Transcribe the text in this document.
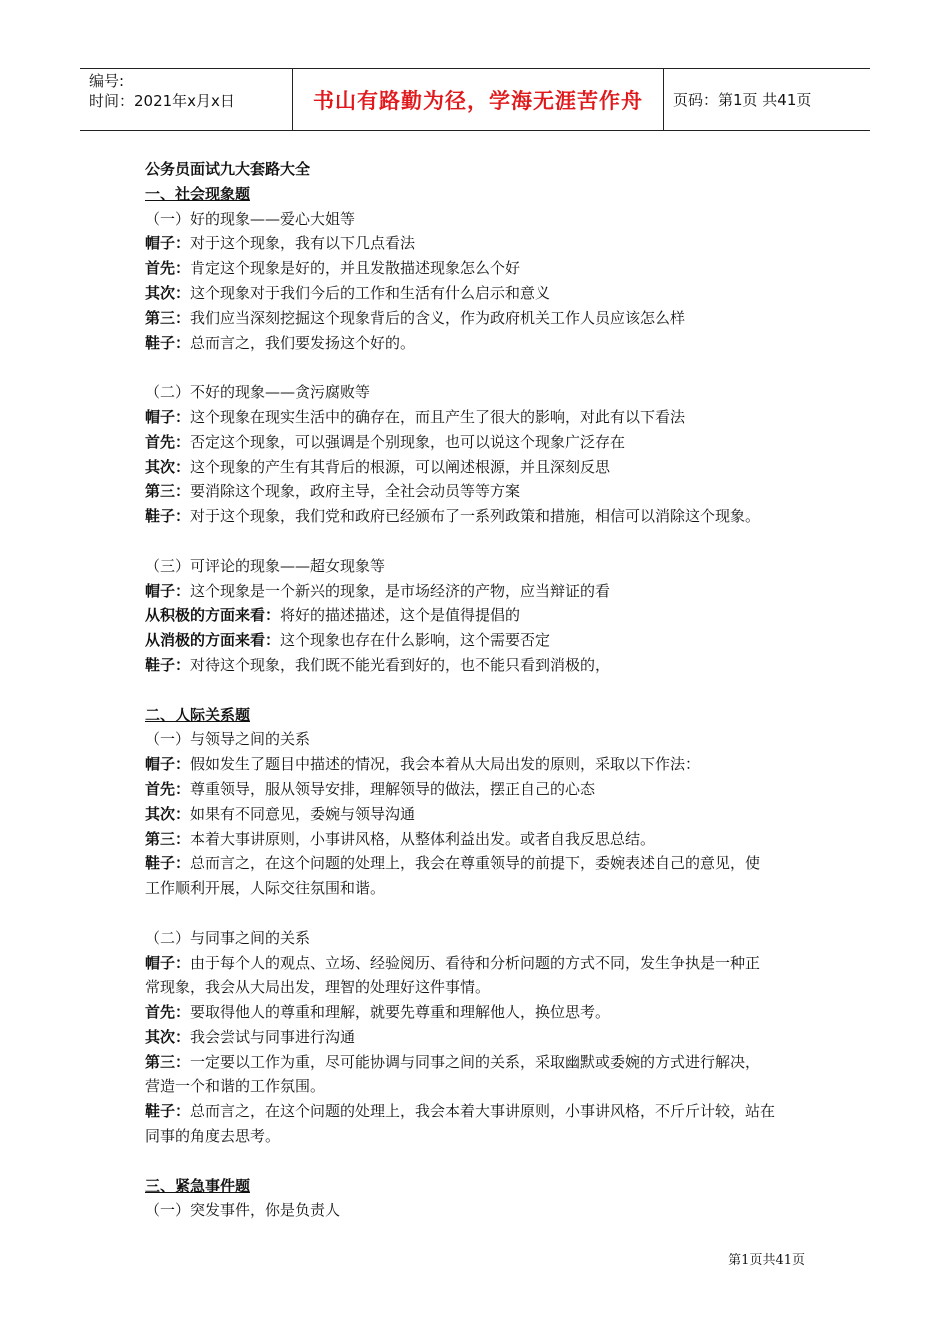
编号:
时间：2021年x月x日	书山有路勤为径，学海无涯苦作舟 页码：第1页 共41页

公务员面试九大套路大全

一、社会现象题

（一）好的现象——爱心大姐等

帽子：对于这个现象，我有以下几点看法

首先：肯定这个现象是好的，并且发散描述现象怎么个好

其次：这个现象对于我们今后的工作和生活有什么启示和意义

第三：我们应当深刻挖掘这个现象背后的含义，作为政府机关工作人员应该怎么样

鞋子：总而言之，我们要发扬这个好的。

（二）不好的现象——贪污腐败等

帽子：这个现象在现实生活中的确存在，而且产生了很大的影响，对此有以下看法

首先：否定这个现象，可以强调是个别现象，也可以说这个现象广泛存在

其次：这个现象的产生有其背后的根源，可以阐述根源，并且深刻反思

第三：要消除这个现象，政府主导，全社会动员等等方案

鞋子：对于这个现象，我们党和政府已经颁布了一系列政策和措施，相信可以消除这个现象。

（三）可评论的现象——超女现象等

帽子：这个现象是一个新兴的现象，是市场经济的产物，应当辩证的看

从积极的方面来看：将好的描述描述，这个是值得提倡的

从消极的方面来看：这个现象也存在什么影响，这个需要否定

鞋子：对待这个现象，我们既不能光看到好的，也不能只看到消极的，

二、人际关系题

（一）与领导之间的关系

帽子：假如发生了题目中描述的情况，我会本着从大局出发的原则，采取以下作法：

首先：尊重领导，服从领导安排，理解领导的做法，摆正自己的心态

其次：如果有不同意见，委婉与领导沟通

第三：本着大事讲原则，小事讲风格，从整体利益出发。或者自我反思总结。

鞋子：总而言之，在这个问题的处理上，我会在尊重领导的前提下，委婉表述自己的意见，使

工作顺利开展，人际交往氛围和谐。

（二）与同事之间的关系

帽子：由于每个人的观点、立场、经验阅历、看待和分析问题的方式不同，发生争执是一种正

常现象，我会从大局出发，理智的处理好这件事情。

首先：要取得他人的尊重和理解，就要先尊重和理解他人，换位思考。

其次：我会尝试与同事进行沟通

第三：一定要以工作为重，尽可能协调与同事之间的关系，采取幽默或委婉的方式进行解决，

营造一个和谐的工作氛围。

鞋子：总而言之，在这个问题的处理上，我会本着大事讲原则，小事讲风格，不斤斤计较，站在

同事的角度去思考。

三、紧急事件题

（一）突发事件，你是负责人

第1页共41页
